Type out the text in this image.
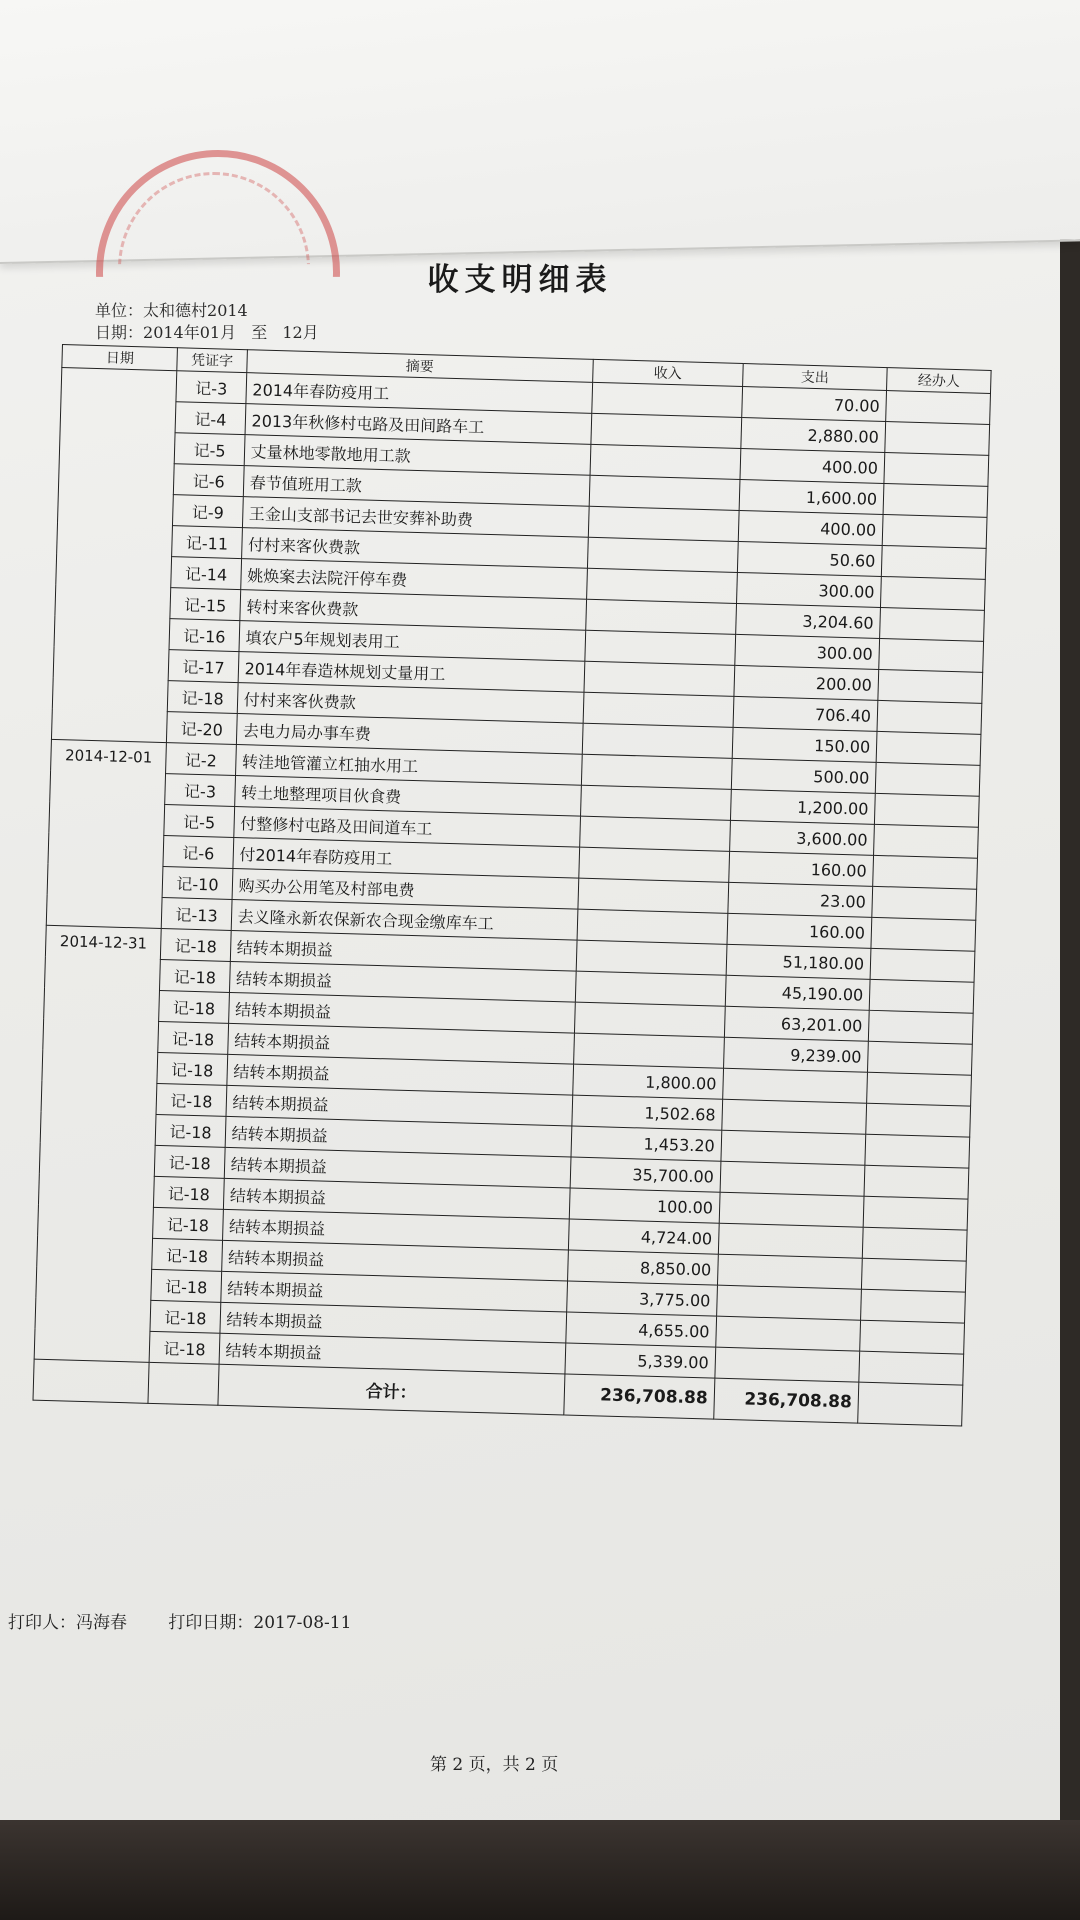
收支明细表
单位：太和德村2014
日期：2014年01月 至 12月
日期	凭证字	摘要	收入	支出	经办人
	记-3	2014年春防疫用工		70.00	
	记-4	2013年秋修村屯路及田间路车工		2,880.00	
	记-5	丈量林地零散地用工款		400.00	
	记-6	春节值班用工款		1,600.00	
	记-9	王金山支部书记去世安葬补助费		400.00	
	记-11	付村来客伙费款		50.60	
	记-14	姚焕案去法院汗停车费		300.00	
	记-15	转村来客伙费款		3,204.60	
	记-16	填农户5年规划表用工		300.00	
	记-17	2014年春造林规划丈量用工		200.00	
	记-18	付村来客伙费款		706.40	
	记-20	去电力局办事车费		150.00	
2014-12-01	记-2	转洼地管灌立杠抽水用工		500.00	
	记-3	转土地整理项目伙食费		1,200.00	
	记-5	付整修村屯路及田间道车工		3,600.00	
	记-6	付2014年春防疫用工		160.00	
	记-10	购买办公用笔及村部电费		23.00	
	记-13	去义隆永新农保新农合现金缴库车工		160.00	
2014-12-31	记-18	结转本期损益		51,180.00	
	记-18	结转本期损益		45,190.00	
	记-18	结转本期损益		63,201.00	
	记-18	结转本期损益		9,239.00	
	记-18	结转本期损益	1,800.00		
	记-18	结转本期损益	1,502.68		
	记-18	结转本期损益	1,453.20		
	记-18	结转本期损益	35,700.00		
	记-18	结转本期损益	100.00		
	记-18	结转本期损益	4,724.00		
	记-18	结转本期损益	8,850.00		
	记-18	结转本期损益	3,775.00		
	记-18	结转本期损益	4,655.00		
	记-18	结转本期损益	5,339.00		
		合计：	236,708.88	236,708.88	
打印人：冯海春 打印日期：2017-08-11
第 2 页，共 2 页
